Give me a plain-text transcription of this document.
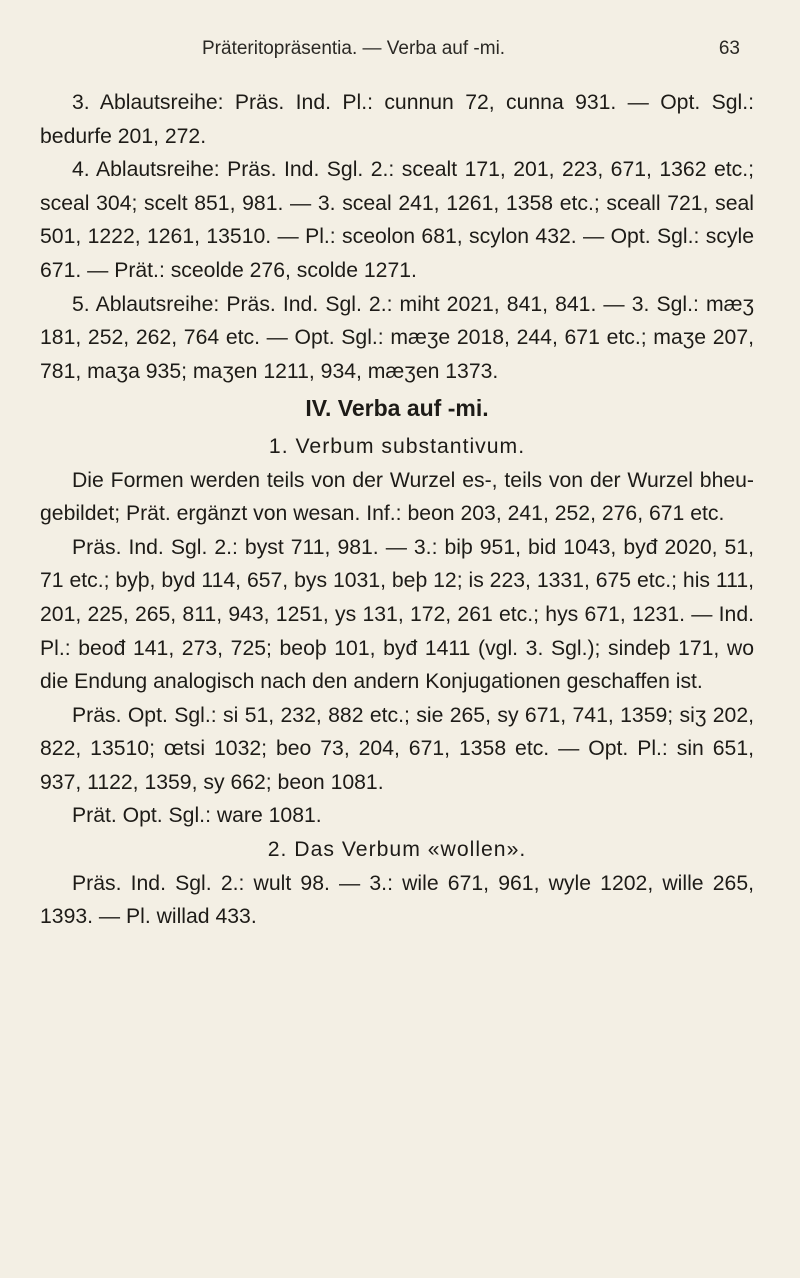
Präteritopräsentia. — Verba auf -mi.	63

3. Ablautsreihe: Präs. Ind. Pl.: cunnun 72, cunna 931. — Opt. Sgl.: bedurfe 201, 272.

4. Ablautsreihe: Präs. Ind. Sgl. 2.: scealt 171, 201, 223, 671, 1362 etc.; sceal 304; scelt 851, 981. — 3. sceal 241, 1261, 1358 etc.; sceall 721, seal 501, 1222, 1261, 13510. — Pl.: sceolon 681, scylon 432. — Opt. Sgl.: scyle 671. — Prät.: sceolde 276, scolde 1271.

5. Ablautsreihe: Präs. Ind. Sgl. 2.: miht 2021, 841, 841. — 3. Sgl.: mæʒ 181, 252, 262, 764 etc. — Opt. Sgl.: mæʒe 2018, 244, 671 etc.; maʒe 207, 781, maʒa 935; maʒen 1211, 934, mæʒen 1373.

IV. Verba auf -mi.

1. Verbum substantivum.

Die Formen werden teils von der Wurzel es-, teils von der Wurzel bheu- gebildet; Prät. ergänzt von wesan. Inf.: beon 203, 241, 252, 276, 671 etc.

Präs. Ind. Sgl. 2.: byst 711, 981. — 3.: biþ 951, bid 1043, byđ 2020, 51, 71 etc.; byþ, byd 114, 657, bys 1031, beþ 12; is 223, 1331, 675 etc.; his 111, 201, 225, 265, 811, 943, 1251, ys 131, 172, 261 etc.; hys 671, 1231. — Ind. Pl.: beođ 141, 273, 725; beoþ 101, byđ 1411 (vgl. 3. Sgl.); sindeþ 171, wo die Endung analogisch nach den andern Konjugationen geschaffen ist.

Präs. Opt. Sgl.: si 51, 232, 882 etc.; sie 265, sy 671, 741, 1359; siʒ 202, 822, 13510; œtsi 1032; beo 73, 204, 671, 1358 etc. — Opt. Pl.: sin 651, 937, 1122, 1359, sy 662; beon 1081.

Prät. Opt. Sgl.: ware 1081.

2. Das Verbum «wollen».

Präs. Ind. Sgl. 2.: wult 98. — 3.: wile 671, 961, wyle 1202, wille 265, 1393. — Pl. willad 433.
